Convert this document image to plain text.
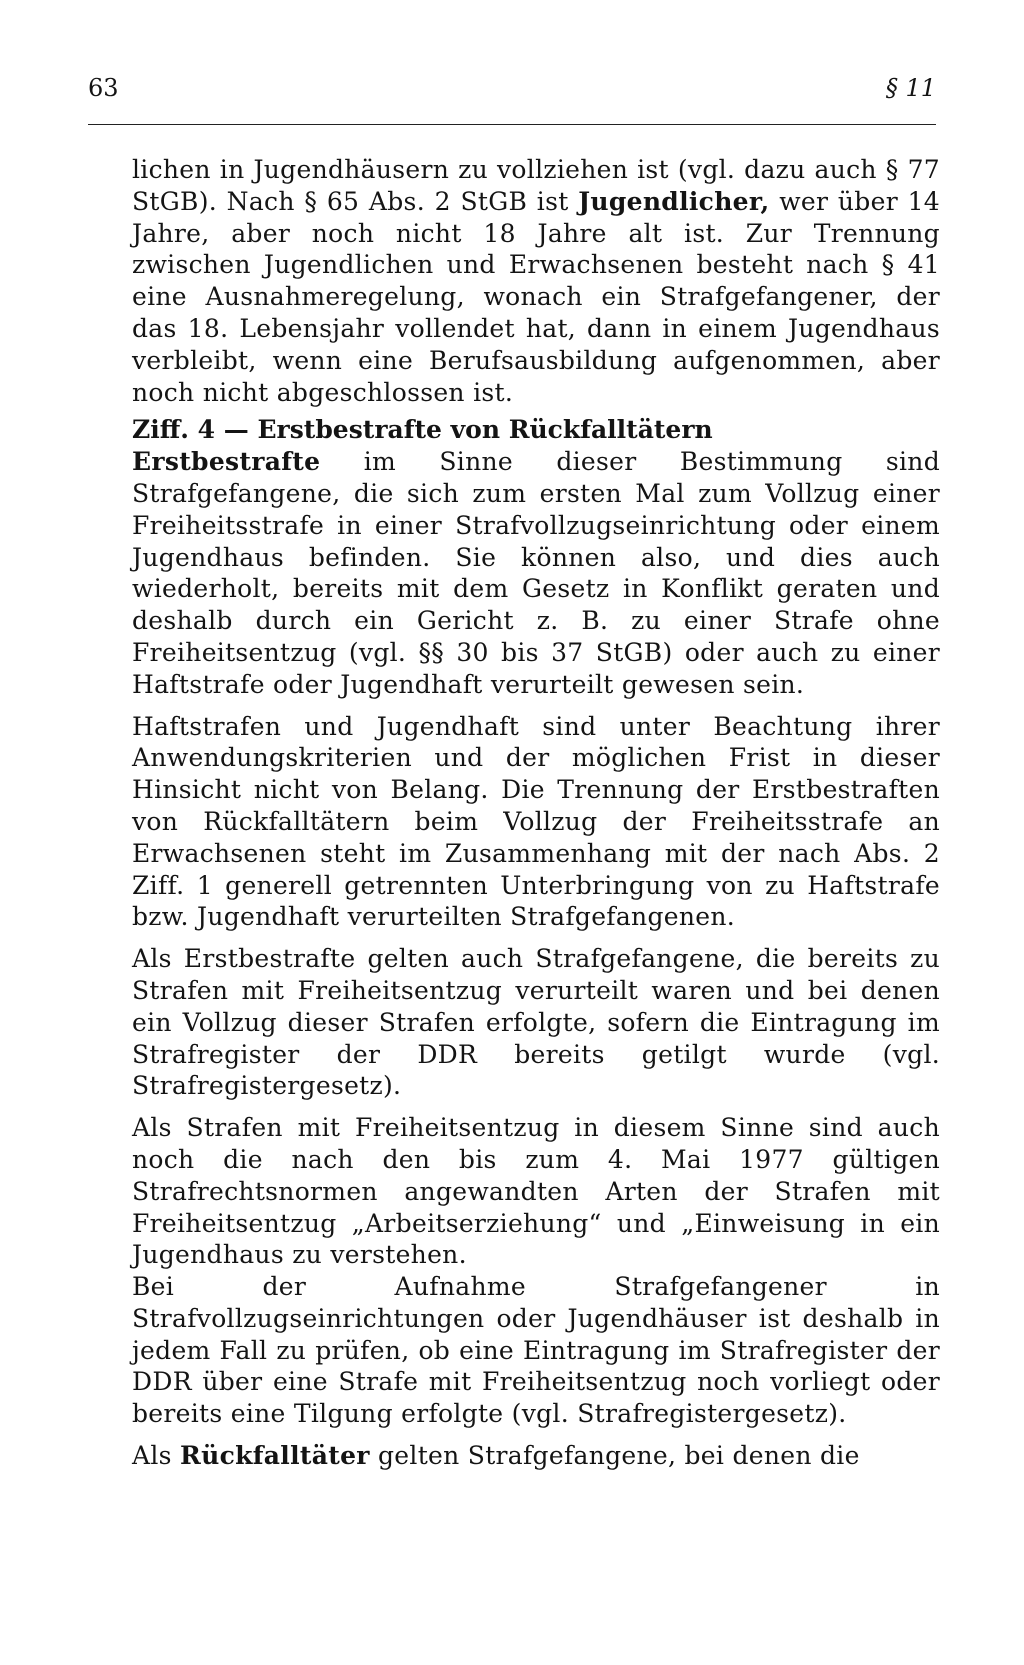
63	§ 11

lichen in Jugendhäusern zu vollziehen ist (vgl. dazu auch § 77 StGB). Nach § 65 Abs. 2 StGB ist Jugendlicher, wer über 14 Jahre, aber noch nicht 18 Jahre alt ist. Zur Trennung zwischen Jugendlichen und Erwachsenen besteht nach § 41 eine Ausnahmeregelung, wonach ein Strafgefangener, der das 18. Lebensjahr vollendet hat, dann in einem Jugendhaus verbleibt, wenn eine Berufsausbildung aufgenommen, aber noch nicht abgeschlossen ist.

Ziff. 4 — Erstbestrafte von Rückfalltätern

Erstbestrafte im Sinne dieser Bestimmung sind Strafgefangene, die sich zum ersten Mal zum Vollzug einer Freiheitsstrafe in einer Strafvollzugseinrichtung oder einem Jugendhaus befinden. Sie können also, und dies auch wiederholt, bereits mit dem Gesetz in Konflikt geraten und deshalb durch ein Gericht z. B. zu einer Strafe ohne Freiheitsentzug (vgl. §§ 30 bis 37 StGB) oder auch zu einer Haftstrafe oder Jugendhaft verurteilt gewesen sein.

Haftstrafen und Jugendhaft sind unter Beachtung ihrer Anwendungskriterien und der möglichen Frist in dieser Hinsicht nicht von Belang. Die Trennung der Erstbestraften von Rückfalltätern beim Vollzug der Freiheitsstrafe an Erwachsenen steht im Zusammenhang mit der nach Abs. 2 Ziff. 1 generell getrennten Unterbringung von zu Haftstrafe bzw. Jugendhaft verurteilten Strafgefangenen.

Als Erstbestrafte gelten auch Strafgefangene, die bereits zu Strafen mit Freiheitsentzug verurteilt waren und bei denen ein Vollzug dieser Strafen erfolgte, sofern die Eintragung im Strafregister der DDR bereits getilgt wurde (vgl. Strafregistergesetz).

Als Strafen mit Freiheitsentzug in diesem Sinne sind auch noch die nach den bis zum 4. Mai 1977 gültigen Strafrechtsnormen angewandten Arten der Strafen mit Freiheitsentzug „Arbeitserziehung“ und „Einweisung in ein Jugendhaus zu verstehen.

Bei der Aufnahme Strafgefangener in Strafvollzugseinrichtungen oder Jugendhäuser ist deshalb in jedem Fall zu prüfen, ob eine Eintragung im Strafregister der DDR über eine Strafe mit Freiheitsentzug noch vorliegt oder bereits eine Tilgung erfolgte (vgl. Strafregistergesetz).

Als Rückfalltäter gelten Strafgefangene, bei denen die
